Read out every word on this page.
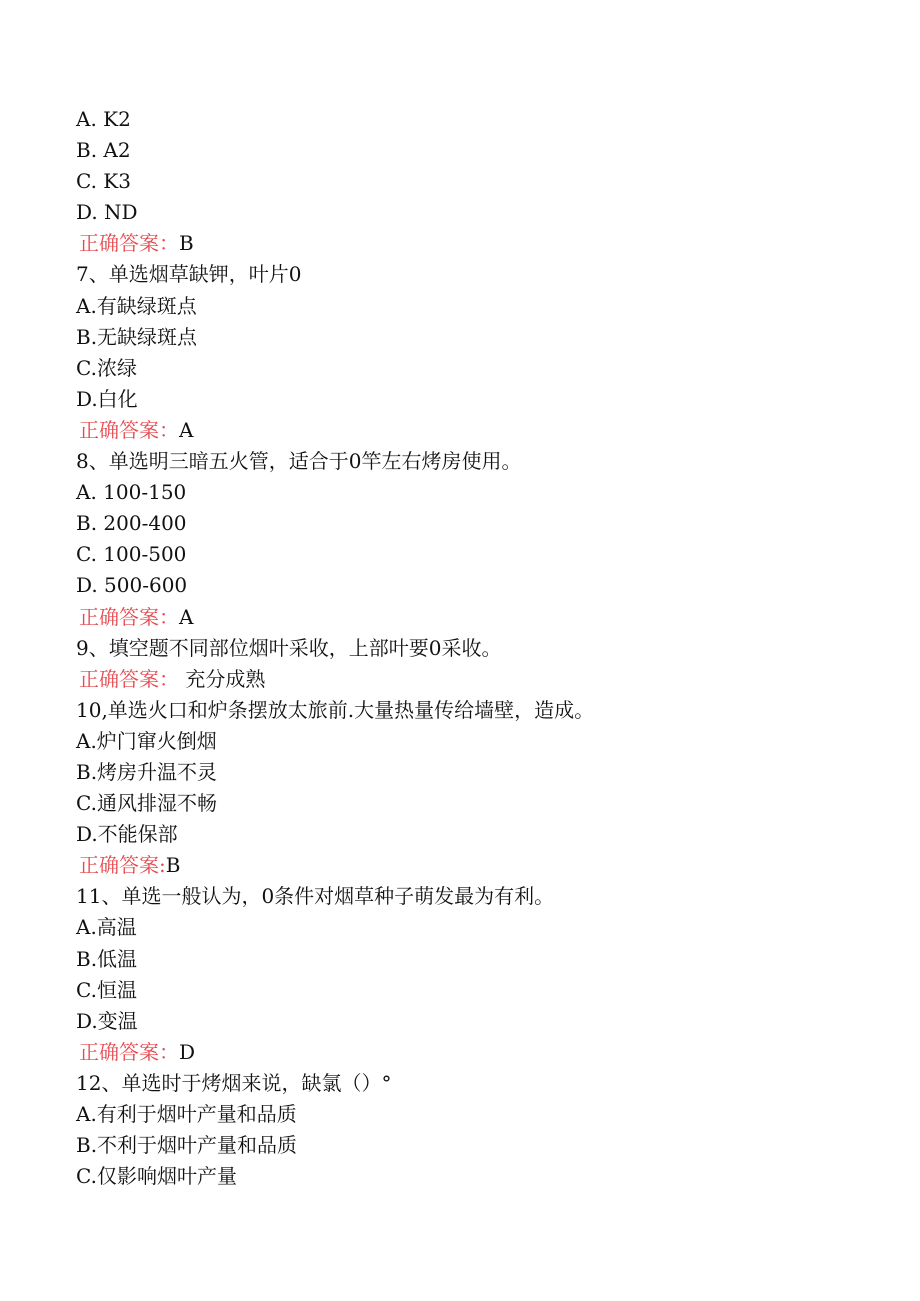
A. K2
B. A2
C. K3
D. ND
正确答案：B
7、单选烟草缺钾，叶片0
A.有缺绿斑点
B.无缺绿斑点
C.浓绿
D.白化
正确答案：A
8、单选明三暗五火管，适合于0竿左右烤房使用。
A. 100-150
B. 200-400
C. 100-500
D. 500-600
正确答案：A
9、填空题不同部位烟叶采收，上部叶要0采收。
正确答案： 充分成熟
10,单选火口和炉条摆放太旅前.大量热量传给墙壁，造成。
A.炉门窜火倒烟
B.烤房升温不灵
C.通风排湿不畅
D.不能保部
正确答案:B
11、单选一般认为，0条件对烟草种子萌发最为有利。
A.高温
B.低温
C.恒温
D.变温
正确答案：D
12、单选时于烤烟来说，缺氯（）°
A.有利于烟叶产量和品质
B.不利于烟叶产量和品质
C.仅影响烟叶产量
